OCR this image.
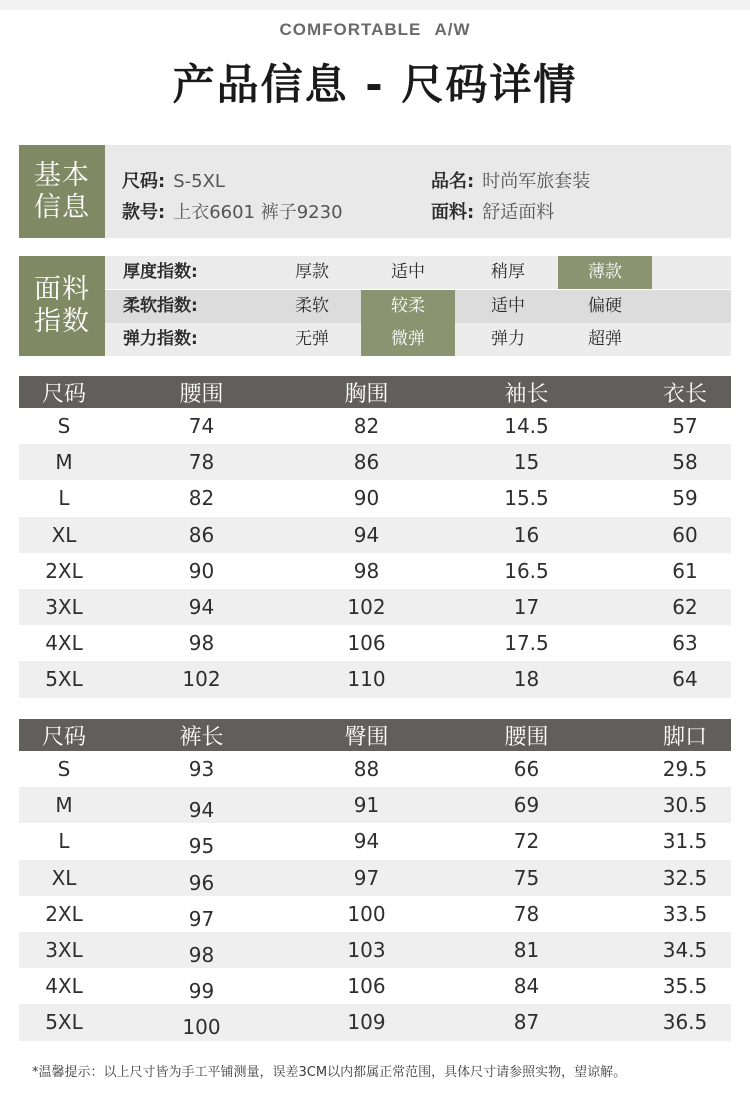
COMFORTABLE A/W
产品信息 - 尺码详情
基本
信息
尺码: S-5XL
款号: 上衣6601 裤子9230
品名: 时尚军旅套装
面料: 舒适面料
面料
指数
厚度指数:	厚款	适中	稍厚	薄款
柔软指数:	柔软	较柔	适中	偏硬
弹力指数:	无弹	微弹	弹力	超弹
尺码	腰围	胸围	袖长	衣长
S	74	82	14.5	57
M	78	86	15	58
L	82	90	15.5	59
XL	86	94	16	60
2XL	90	98	16.5	61
3XL	94	102	17	62
4XL	98	106	17.5	63
5XL	102	110	18	64
尺码	裤长	臀围	腰围	脚口
S	93	88	66	29.5
M	94	91	69	30.5
L	95	94	72	31.5
XL	96	97	75	32.5
2XL	97	100	78	33.5
3XL	98	103	81	34.5
4XL	99	106	84	35.5
5XL	100	109	87	36.5
*温馨提示：以上尺寸皆为手工平铺测量，误差3CM以内都属正常范围，具体尺寸请参照实物，望谅解。
